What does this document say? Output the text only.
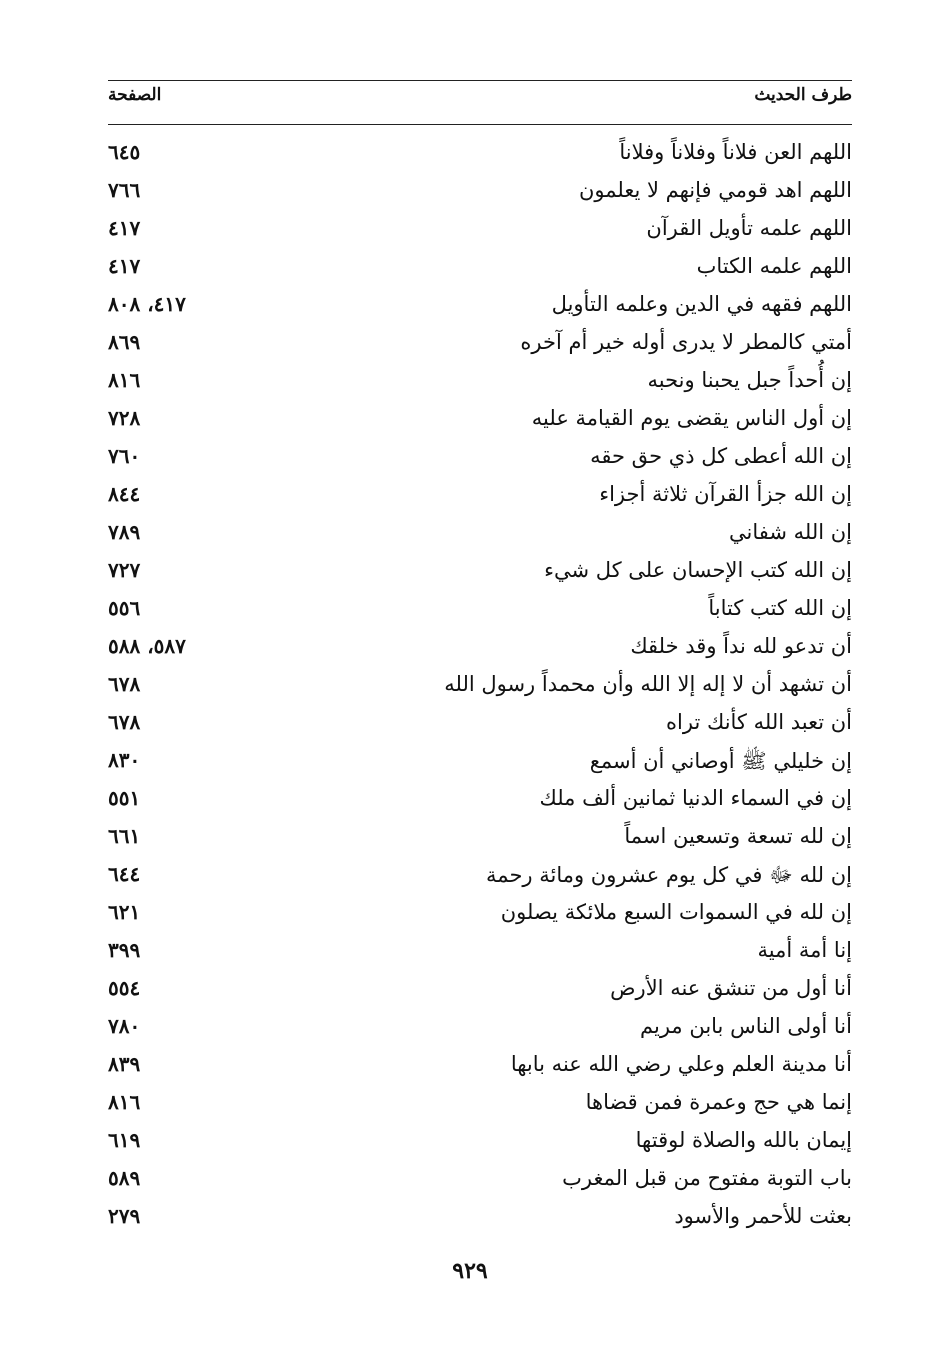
طرف الحديث
الصفحة
اللهم العن فلاناً وفلاناً وفلاناً
٦٤٥
اللهم اهد قومي فإنهم لا يعلمون
٧٦٦
اللهم علمه تأويل القرآن
٤١٧
اللهم علمه الكتاب
٤١٧
اللهم فقهه في الدين وعلمه التأويل
٤١٧، ٨٠٨
أمتي كالمطر لا يدرى أوله خير أم آخره
٨٦٩
إن أُحداً جبل يحبنا ونحبه
٨١٦
إن أول الناس يقضى يوم القيامة عليه
٧٢٨
إن الله أعطى كل ذي حق حقه
٧٦٠
إن الله جزأ القرآن ثلاثة أجزاء
٨٤٤
إن الله شفاني
٧٨٩
إن الله كتب الإحسان على كل شيء
٧٢٧
إن الله كتب كتاباً
٥٥٦
أن تدعو لله نداً وقد خلقك
٥٨٧، ٥٨٨
أن تشهد أن لا إله إلا الله وأن محمداً رسول الله
٦٧٨
أن تعبد الله كأنك تراه
٦٧٨
إن خليلي ﷺ أوصاني أن أسمع
٨٣٠
إن في السماء الدنيا ثمانين ألف ملك
٥٥١
إن لله تسعة وتسعين اسماً
٦٦١
إن لله ﷻ في كل يوم عشرون ومائة رحمة
٦٤٤
إن لله في السموات السبع ملائكة يصلون
٦٢١
إنا أمة أمية
٣٩٩
أنا أول من تنشق عنه الأرض
٥٥٤
أنا أولى الناس بابن مريم
٧٨٠
أنا مدينة العلم وعلي رضي الله عنه بابها
٨٣٩
إنما هي حج وعمرة فمن قضاها
٨١٦
إيمان بالله والصلاة لوقتها
٦١٩
باب التوبة مفتوح من قبل المغرب
٥٨٩
بعثت للأحمر والأسود
٢٧٩
٩٢٩
